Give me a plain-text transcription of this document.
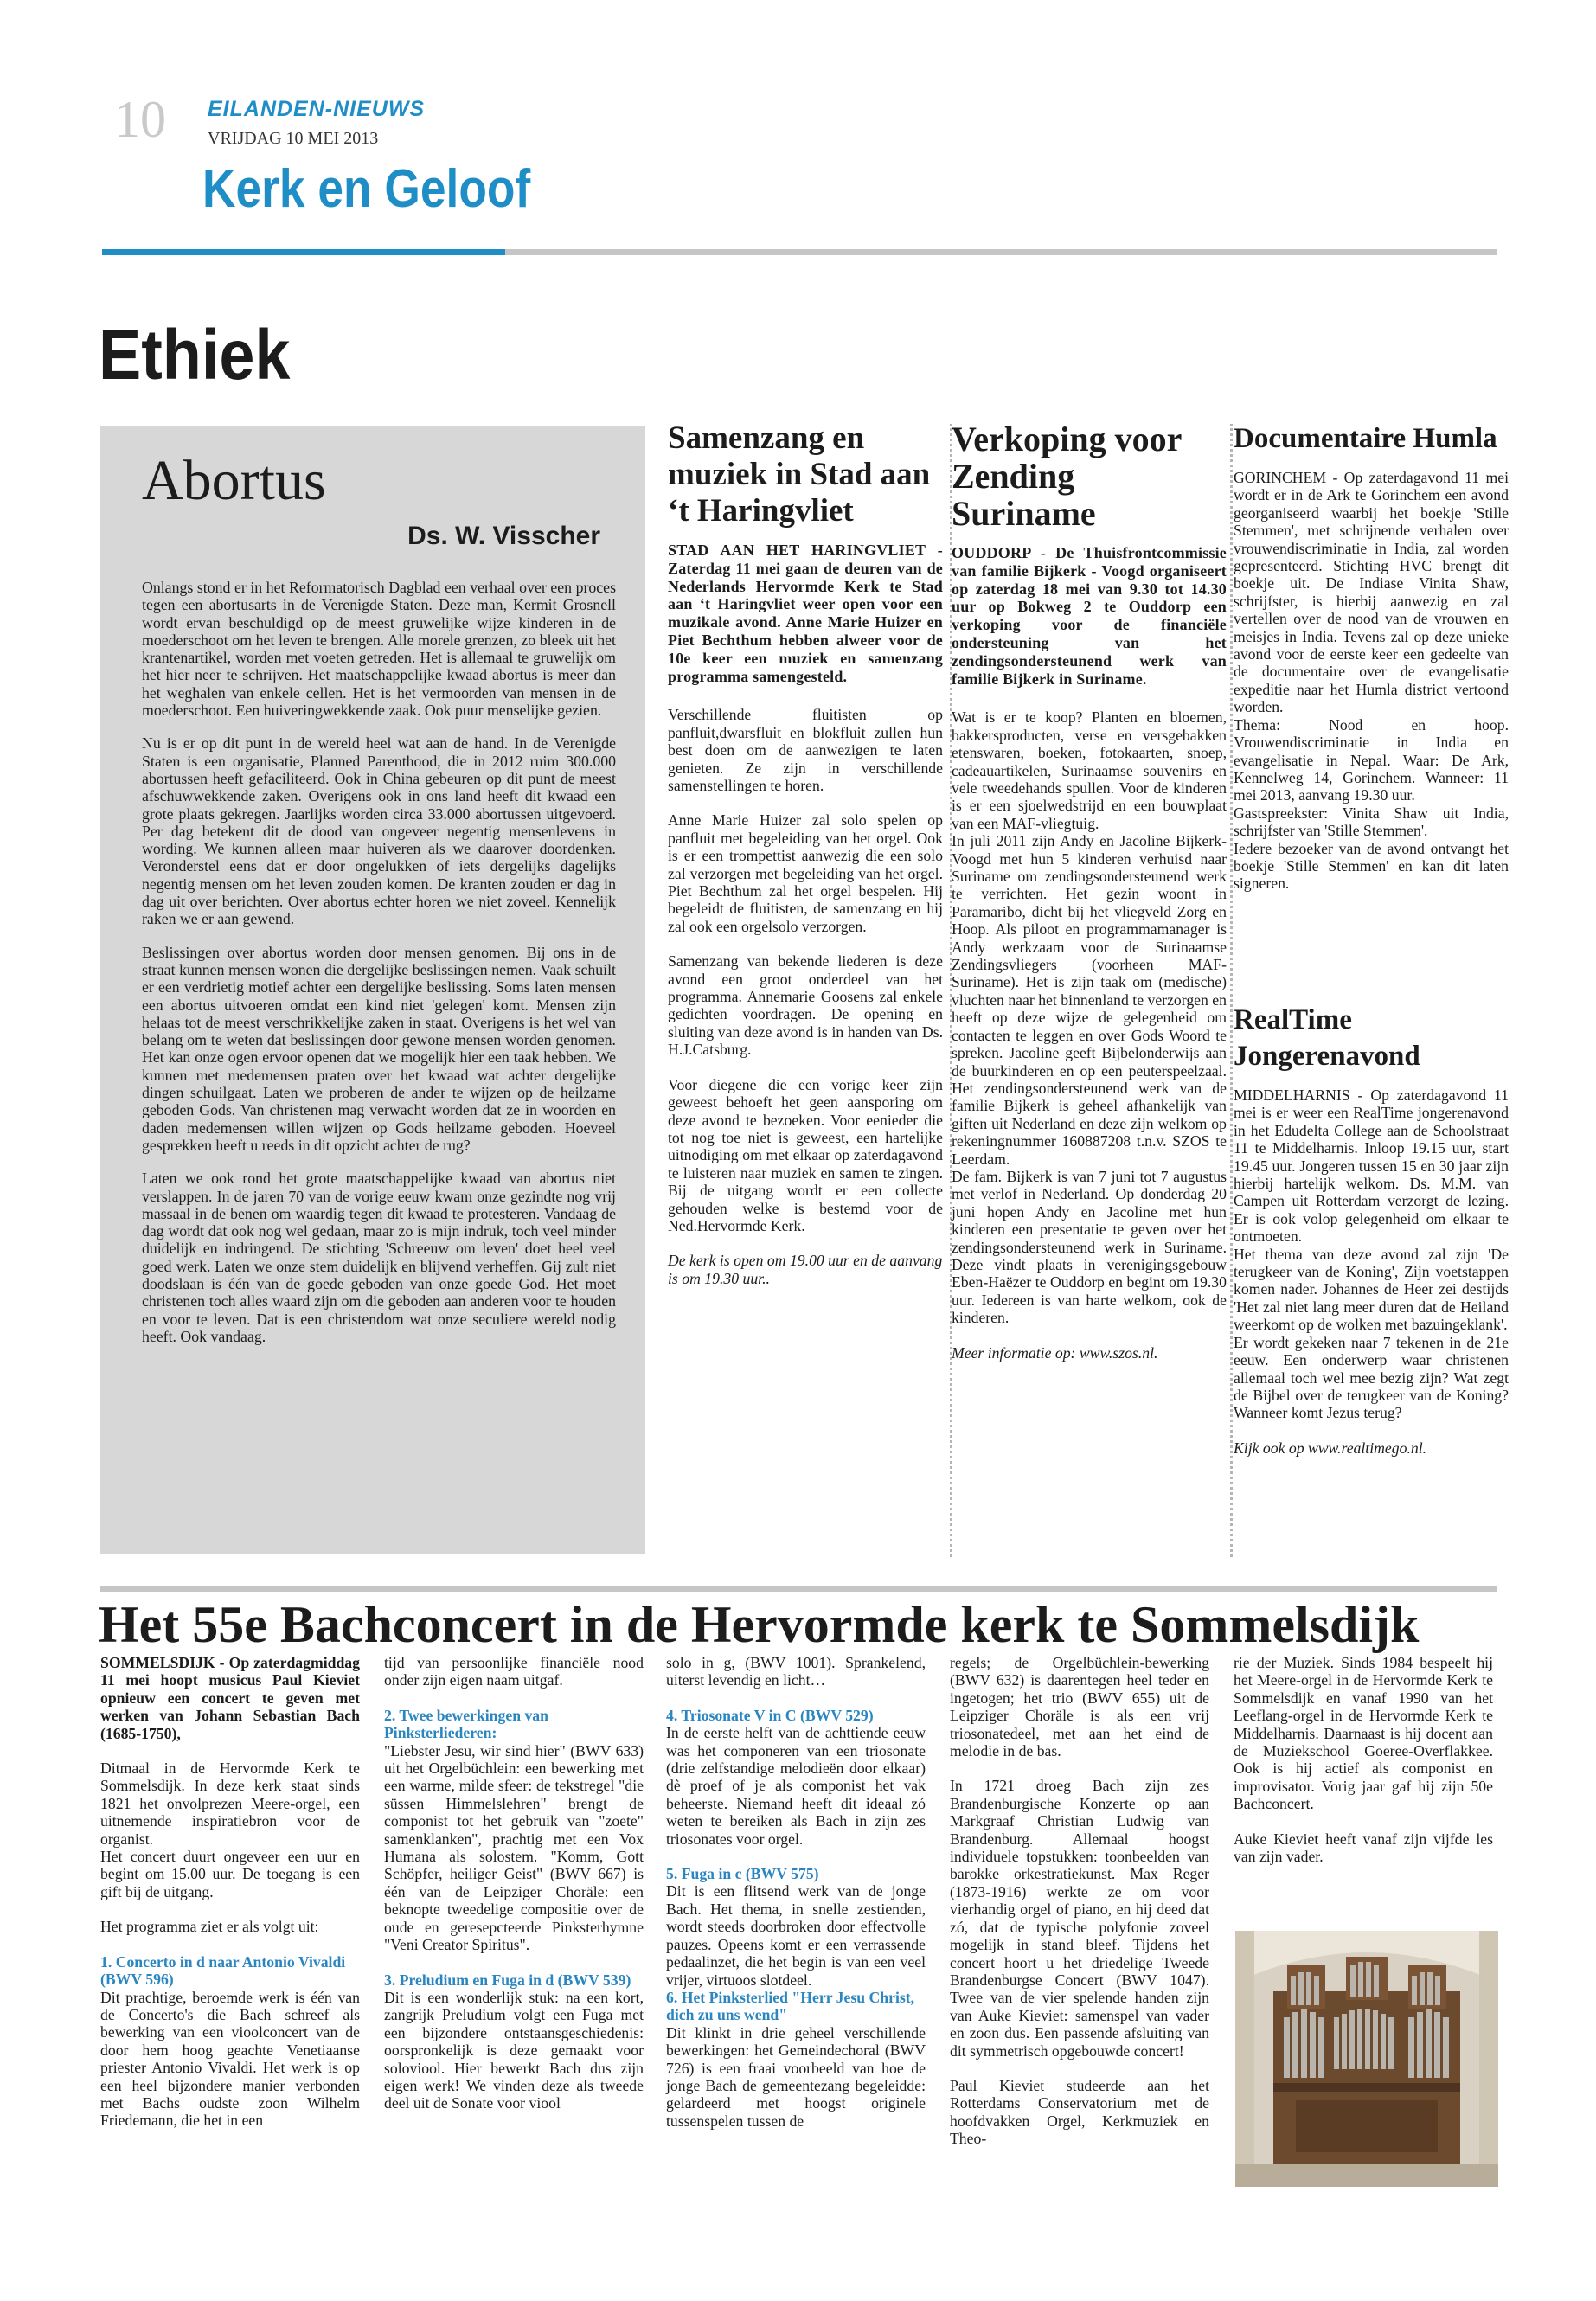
10 EILANDEN-NIEUWS
VRIJDAG 10 MEI 2013
Kerk en Geloof
Ethiek
Abortus
Ds. W. Visscher

Onlangs stond er in het Reformatorisch Dagblad een verhaal over een proces tegen een abortusarts in de Verenigde Staten. Deze man, Kermit Grosnell wordt ervan beschuldigd op de meest gruwelijke wijze kinderen in de moederschoot om het leven te brengen. Alle morele grenzen, zo bleek uit het krantenartikel, worden met voeten getreden. Het is allemaal te gruwelijk om het hier neer te schrijven. Het maatschappelijke kwaad abortus is meer dan het weghalen van enkele cellen. Het is het vermoorden van mensen in de moederschoot. Een huiveringwekkende zaak. Ook puur menselijke gezien.

Nu is er op dit punt in de wereld heel wat aan de hand. In de Verenigde Staten is een organisatie, Planned Parenthood, die in 2012 ruim 300.000 abortussen heeft gefaciliteerd. Ook in China gebeuren op dit punt de meest afschuwwekkende zaken. Overigens ook in ons land heeft dit kwaad een grote plaats gekregen. Jaarlijks worden circa 33.000 abortussen uitgevoerd. Per dag betekent dit de dood van ongeveer negentig mensenlevens in wording. We kunnen alleen maar huiveren als we daarover doordenken. Veronderstel eens dat er door ongelukken of iets dergelijks dagelijks negentig mensen om het leven zouden komen. De kranten zouden er dag in dag uit over berichten. Over abortus echter horen we niet zoveel. Kennelijk raken we er aan gewend.

Beslissingen over abortus worden door mensen genomen. Bij ons in de straat kunnen mensen wonen die dergelijke beslissingen nemen. Vaak schuilt er een verdrietig motief achter een dergelijke beslissing. Soms laten mensen een abortus uitvoeren omdat een kind niet 'gelegen' komt. Mensen zijn helaas tot de meest verschrikkelijke zaken in staat. Overigens is het wel van belang om te weten dat beslissingen door gewone mensen worden genomen. Het kan onze ogen ervoor openen dat we mogelijk hier een taak hebben. We kunnen met medemensen praten over het kwaad wat achter dergelijke dingen schuilgaat. Laten we proberen de ander te wijzen op de heilzame geboden Gods. Van christenen mag verwacht worden dat ze in woorden en daden medemensen willen wijzen op Gods heilzame geboden. Hoeveel gesprekken heeft u reeds in dit opzicht achter de rug?

Laten we ook rond het grote maatschappelijke kwaad van abortus niet verslappen. In de jaren 70 van de vorige eeuw kwam onze gezindte nog vrij massaal in de benen om waardig tegen dit kwaad te protesteren. Vandaag de dag wordt dat ook nog wel gedaan, maar zo is mijn indruk, toch veel minder duidelijk en indringend. De stichting 'Schreeuw om leven' doet heel veel goed werk. Laten we onze stem duidelijk en blijvend verheffen. Gij zult niet doodslaan is één van de goede geboden van onze goede God. Het moet christenen toch alles waard zijn om die geboden aan anderen voor te houden en voor te leven. Dat is een christendom wat onze seculiere wereld nodig heeft. Ook vandaag.

Samenzang en muziek in Stad aan ‘t Haringvliet

STAD AAN HET HARINGVLIET - Zaterdag 11 mei gaan de deuren van de Nederlands Hervormde Kerk te Stad aan ‘t Haringvliet weer open voor een muzikale avond. Anne Marie Huizer en Piet Bechthum hebben alweer voor de 10e keer een muziek en samenzang programma samengesteld.

Verschillende fluitisten op panfluit,dwarsfluit en blokfluit zullen hun best doen om de aanwezigen te laten genieten. Ze zijn in verschillende samenstellingen te horen.

Anne Marie Huizer zal solo spelen op panfluit met begeleiding van het orgel. Ook is er een trompettist aanwezig die een solo zal verzorgen met begeleiding van het orgel. Piet Bechthum zal het orgel bespelen. Hij begeleidt de fluitisten, de samenzang en hij zal ook een orgelsolo verzorgen.

Samenzang van bekende liederen is deze avond een groot onderdeel van het programma. Annemarie Goosens zal enkele gedichten voordragen. De opening en sluiting van deze avond is in handen van Ds. H.J.Catsburg.

Voor diegene die een vorige keer zijn geweest behoeft het geen aansporing om deze avond te bezoeken. Voor eenieder die tot nog toe niet is geweest, een hartelijke uitnodiging om met elkaar op zaterdagavond te luisteren naar muziek en samen te zingen. Bij de uitgang wordt er een collecte gehouden welke is bestemd voor de Ned.Hervormde Kerk.

De kerk is open om 19.00 uur en de aanvang is om 19.30 uur..

Verkoping voor Zending Suriname

OUDDORP - De Thuisfrontcommissie van familie Bijkerk - Voogd organiseert op zaterdag 18 mei van 9.30 tot 14.30 uur op Bokweg 2 te Ouddorp een verkoping voor de financiële ondersteuning van het zendingsondersteunend werk van familie Bijkerk in Suriname.

Wat is er te koop? Planten en bloemen, bakkersproducten, verse en versgebakken etenswaren, boeken, fotokaarten, snoep, cadeauartikelen, Surinaamse souvenirs en vele tweedehands spullen. Voor de kinderen is er een sjoelwedstrijd en een bouwplaat van een MAF-vliegtuig.

In juli 2011 zijn Andy en Jacoline Bijkerk-Voogd met hun 5 kinderen verhuisd naar Suriname om zendingsondersteunend werk te verrichten. Het gezin woont in Paramaribo, dicht bij het vliegveld Zorg en Hoop. Als piloot en programmamanager is Andy werkzaam voor de Surinaamse Zendingsvliegers (voorheen MAF-Suriname). Het is zijn taak om (medische) vluchten naar het binnenland te verzorgen en heeft op deze wijze de gelegenheid om contacten te leggen en over Gods Woord te spreken. Jacoline geeft Bijbelonderwijs aan de buurkinderen en op een peuterspeelzaal. Het zendingsondersteunend werk van de familie Bijkerk is geheel afhankelijk van giften uit Nederland en deze zijn welkom op rekeningnummer 160887208 t.n.v. SZOS te Leerdam.

De fam. Bijkerk is van 7 juni tot 7 augustus met verlof in Nederland. Op donderdag 20 juni hopen Andy en Jacoline met hun kinderen een presentatie te geven over het zendingsondersteunend werk in Suriname. Deze vindt plaats in verenigingsgebouw Eben-Haëzer te Ouddorp en begint om 19.30 uur. Iedereen is van harte welkom, ook de kinderen.

Meer informatie op: www.szos.nl.

Documentaire Humla

GORINCHEM - Op zaterdagavond 11 mei wordt er in de Ark te Gorinchem een avond georganiseerd waarbij het boekje 'Stille Stemmen', met schrijnende verhalen over vrouwendiscriminatie in India, zal worden gepresenteerd. Stichting HVC brengt dit boekje uit. De Indiase Vinita Shaw, schrijfster, is hierbij aanwezig en zal vertellen over de nood van de vrouwen en meisjes in India. Tevens zal op deze unieke avond voor de eerste keer een gedeelte van de documentaire over de evangelisatie expeditie naar het Humla district vertoond worden.

Thema: Nood en hoop. Vrouwendiscriminatie in India en evangelisatie in Nepal. Waar: De Ark, Kennelweg 14, Gorinchem. Wanneer: 11 mei 2013, aanvang 19.30 uur.

Gastspreekster: Vinita Shaw uit India, schrijfster van 'Stille Stemmen'.

Iedere bezoeker van de avond ontvangt het boekje 'Stille Stemmen' en kan dit laten signeren.

RealTime Jongerenavond

MIDDELHARNIS - Op zaterdagavond 11 mei is er weer een RealTime jongerenavond in het Edudelta College aan de Schoolstraat 11 te Middelharnis. Inloop 19.15 uur, start 19.45 uur. Jongeren tussen 15 en 30 jaar zijn hierbij hartelijk welkom. Ds. M.M. van Campen uit Rotterdam verzorgt de lezing. Er is ook volop gelegenheid om elkaar te ontmoeten.

Het thema van deze avond zal zijn 'De terugkeer van de Koning', Zijn voetstappen komen nader. Johannes de Heer zei destijds 'Het zal niet lang meer duren dat de Heiland weerkomt op de wolken met bazuingeklank'.

Er wordt gekeken naar 7 tekenen in de 21e eeuw. Een onderwerp waar christenen allemaal toch wel mee bezig zijn? Wat zegt de Bijbel over de terugkeer van de Koning? Wanneer komt Jezus terug?

Kijk ook op www.realtimego.nl.

Het 55e Bachconcert in de Hervormde kerk te Sommelsdijk

SOMMELSDIJK - Op zaterdagmiddag 11 mei hoopt musicus Paul Kieviet opnieuw een concert te geven met werken van Johann Sebastian Bach (1685-1750),

Ditmaal in de Hervormde Kerk te Sommelsdijk. In deze kerk staat sinds 1821 het onvolprezen Meere-orgel, een uitnemende inspiratiebron voor de organist.

Het concert duurt ongeveer een uur en begint om 15.00 uur. De toegang is een gift bij de uitgang.

Het programma ziet er als volgt uit:

1. Concerto in d naar Antonio Vivaldi (BWV 596)

Dit prachtige, beroemde werk is één van de Concerto's die Bach schreef als bewerking van een vioolconcert van de door hem hoog geachte Venetiaanse priester Antonio Vivaldi. Het werk is op een heel bijzondere manier verbonden met Bachs oudste zoon Wilhelm Friedemann, die het in een

tijd van persoonlijke financiële nood onder zijn eigen naam uitgaf.

2. Twee bewerkingen van Pinksterliederen:

"Liebster Jesu, wir sind hier" (BWV 633) uit het Orgelbüchlein: een bewerking met een warme, milde sfeer: de tekstregel "die süssen Himmelslehren" brengt de componist tot het gebruik van "zoete" samenklanken", prachtig met een Vox Humana als solostem. "Komm, Gott Schöpfer, heiliger Geist" (BWV 667) is één van de Leipziger Choräle: een beknopte tweedelige compositie over de oude en geresepcteerde Pinksterhymne "Veni Creator Spiritus".

3. Preludium en Fuga in d (BWV 539)

Dit is een wonderlijk stuk: na een kort, zangrijk Preludium volgt een Fuga met een bijzondere ontstaansgeschiedenis: oorspronkelijk is deze gemaakt voor soloviool. Hier bewerkt Bach dus zijn eigen werk! We vinden deze als tweede deel uit de Sonate voor viool

solo in g, (BWV 1001). Sprankelend, uiterst levendig en licht…

4. Triosonate V in C (BWV 529)

In de eerste helft van de achttiende eeuw was het componeren van een triosonate (drie zelfstandige melodieën door elkaar) dè proef of je als componist het vak beheerste. Niemand heeft dit ideaal zó weten te bereiken als Bach in zijn zes triosonates voor orgel.

5. Fuga in c (BWV 575)

Dit is een flitsend werk van de jonge Bach. Het thema, in snelle zestienden, wordt steeds doorbroken door effectvolle pauzes. Opeens komt er een verrassende pedaalinzet, die het begin is van een veel vrijer, virtuoos slotdeel.

6. Het Pinksterlied "Herr Jesu Christ, dich zu uns wend"

Dit klinkt in drie geheel verschillende bewerkingen: het Gemeindechoral (BWV 726) is een fraai voorbeeld van hoe de jonge Bach de gemeentezang begeleidde: gelardeerd met hoogst originele tussenspelen tussen de

regels; de Orgelbüchlein-bewerking (BWV 632) is daarentegen heel teder en ingetogen; het trio (BWV 655) uit de Leipziger Choräle is als een vrij triosonatedeel, met aan het eind de melodie in de bas.

In 1721 droeg Bach zijn zes Brandenburgische Konzerte op aan Markgraaf Christian Ludwig van Brandenburg. Allemaal hoogst individuele topstukken: toonbeelden van barokke orkestratiekunst. Max Reger (1873-1916) werkte ze om voor vierhandig orgel of piano, en hij deed dat zó, dat de typische polyfonie zoveel mogelijk in stand bleef. Tijdens het concert hoort u het driedelige Tweede Brandenburgse Concert (BWV 1047). Twee van de vier spelende handen zijn van Auke Kieviet: samenspel van vader en zoon dus. Een passende afsluiting van dit symmetrisch opgebouwde concert!

Paul Kieviet studeerde aan het Rotterdams Conservatorium met de hoofdvakken Orgel, Kerkmuziek en Theo-

rie der Muziek. Sinds 1984 bespeelt hij het Meere-orgel in de Hervormde Kerk te Sommelsdijk en vanaf 1990 van het Leeflang-orgel in de Hervormde Kerk te Middelharnis. Daarnaast is hij docent aan de Muziekschool Goeree-Overflakkee. Ook is hij actief als componist en improvisator. Vorig jaar gaf hij zijn 50e Bachconcert.

Auke Kieviet heeft vanaf zijn vijfde les van zijn vader.
